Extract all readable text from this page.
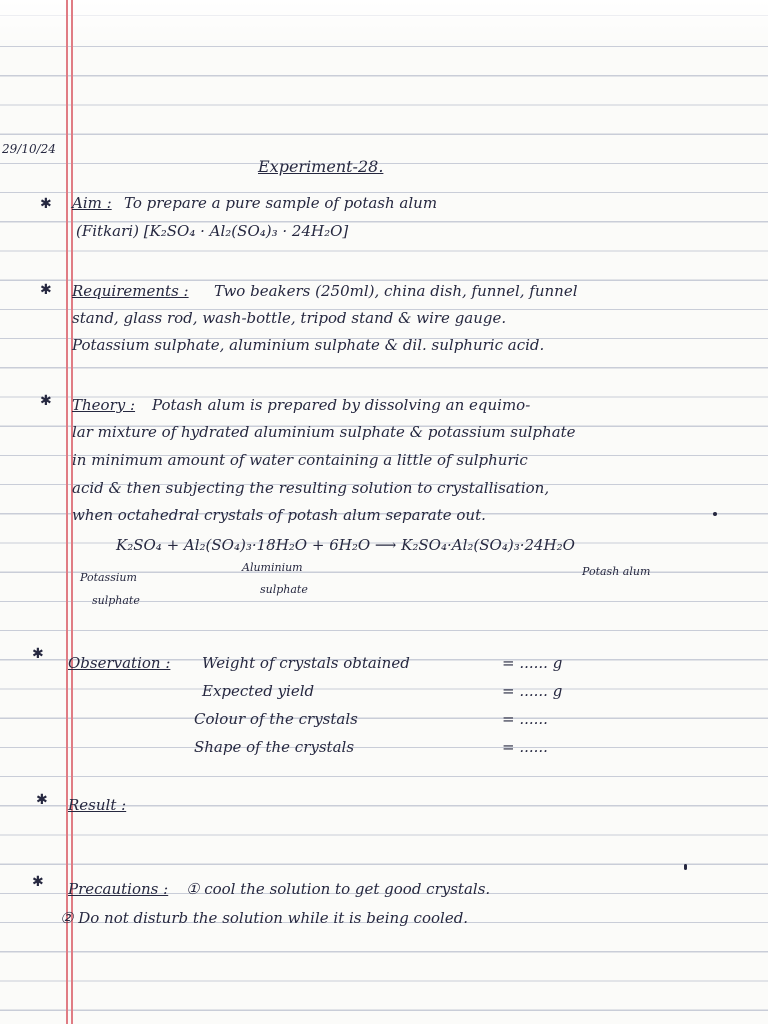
29/10/24
Experiment-28.
✱ Aim : To prepare a pure sample of potash alum
(Fitkari) [K₂SO₄ · Al₂(SO₄)₃ · 24H₂O]
✱ Requirements : Two beakers (250ml), china dish, funnel, funnel
stand, glass rod, wash-bottle, tripod stand & wire gauge.
Potassium sulphate, aluminium sulphate & dil. sulphuric acid.
✱ Theory : Potash alum is prepared by dissolving an equimo-
lar mixture of hydrated aluminium sulphate & potassium sulphate
in minimum amount of water containing a little of sulphuric
acid & then subjecting the resulting solution to crystallisation,
when octahedral crystals of potash alum separate out.
K₂SO₄ + Al₂(SO₄)₃·18H₂O + 6H₂O ⟶ K₂SO₄·Al₂(SO₄)₃·24H₂O
Potassium
sulphate
Aluminium
sulphate
Potash alum
✱ Observation : Weight of crystals obtained	= ...... g
Expected yield	= ...... g
Colour of the crystals	= ......
Shape of the crystals	= ......
✱ Result :
✱ Precautions : ① cool the solution to get good crystals.
② Do not disturb the solution while it is being cooled.
